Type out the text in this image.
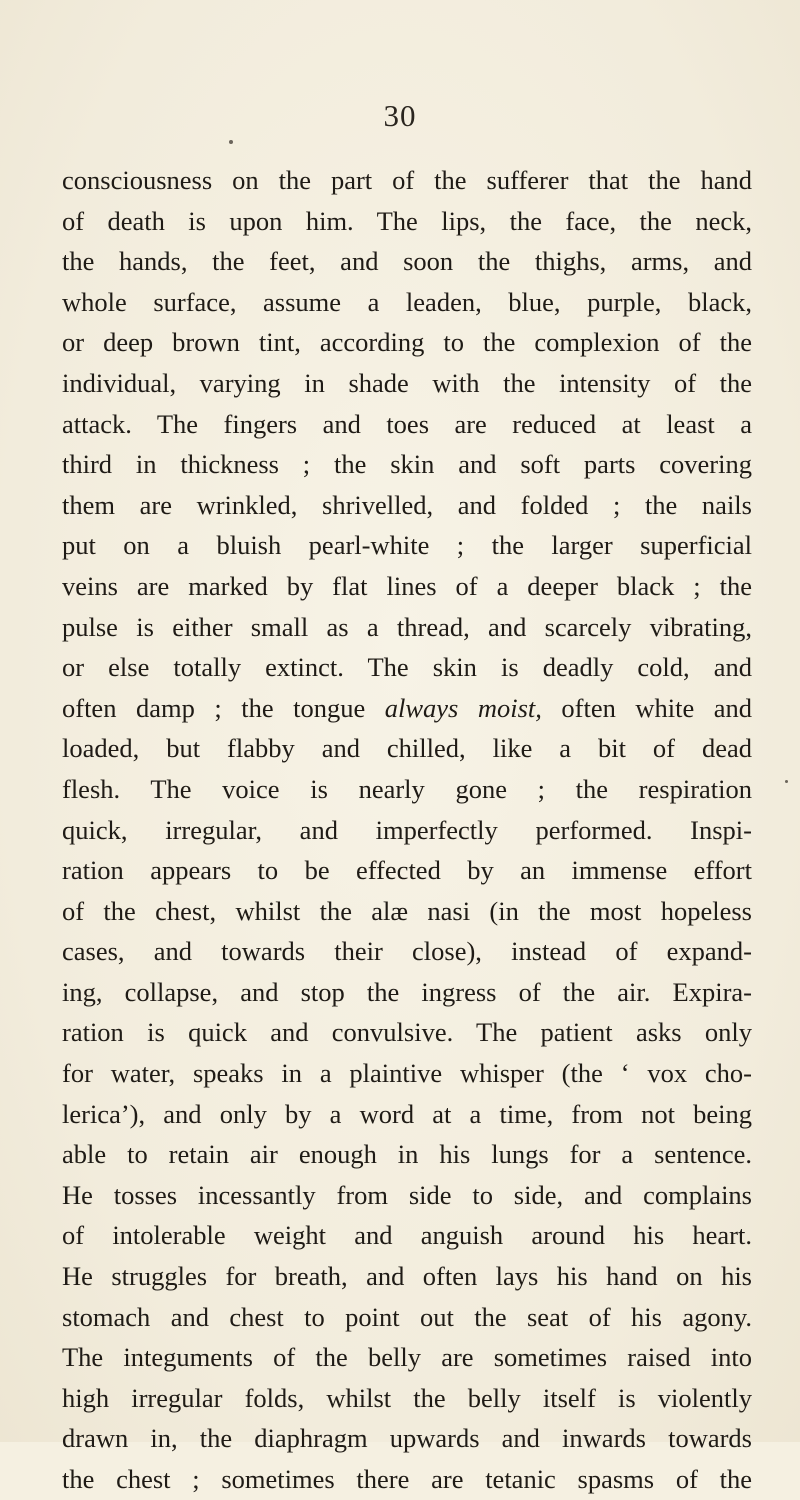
30
consciousness on the part of the sufferer that the hand
of death is upon him. The lips, the face, the neck,
the hands, the feet, and soon the thighs, arms, and
whole surface, assume a leaden, blue, purple, black,
or deep brown tint, according to the complexion of the
individual, varying in shade with the intensity of the
attack. The fingers and toes are reduced at least a
third in thickness ; the skin and soft parts covering
them are wrinkled, shrivelled, and folded ; the nails
put on a bluish pearl-white ; the larger superficial
veins are marked by flat lines of a deeper black ; the
pulse is either small as a thread, and scarcely vibrating,
or else totally extinct. The skin is deadly cold, and
often damp ; the tongue always moist, often white and
loaded, but flabby and chilled, like a bit of dead
flesh. The voice is nearly gone ; the respiration
quick, irregular, and imperfectly performed. Inspi-
ration appears to be effected by an immense effort
of the chest, whilst the alæ nasi (in the most hopeless
cases, and towards their close), instead of expand-
ing, collapse, and stop the ingress of the air. Expira-
ration is quick and convulsive. The patient asks only
for water, speaks in a plaintive whisper (the ‘ vox cho-
lerica’), and only by a word at a time, from not being
able to retain air enough in his lungs for a sentence.
He tosses incessantly from side to side, and complains
of intolerable weight and anguish around his heart.
He struggles for breath, and often lays his hand on his
stomach and chest to point out the seat of his agony.
The integuments of the belly are sometimes raised into
high irregular folds, whilst the belly itself is violently
drawn in, the diaphragm upwards and inwards towards
the chest ; sometimes there are tetanic spasms of the
